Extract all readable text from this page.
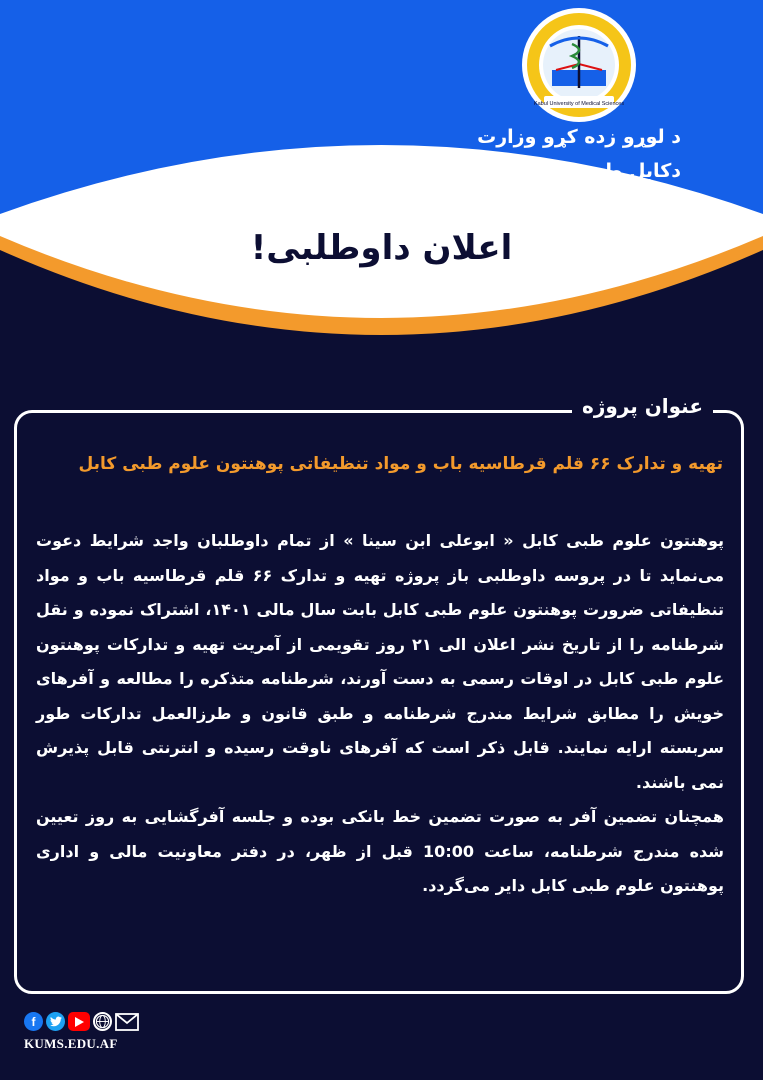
Kabul University of Medical Sciences
د لوړو زده کړو وزارت
دکابل طبي علومو پوهنتون
اعلان داوطلبی!
عنوان پروژه
تهیه و تدارک ۶۶ قلم قرطاسیه باب و مواد تنظیفاتی پوهنتون علوم طبی کابل

پوهنتون علوم طبی کابل « ابوعلی ابن سینا » از تمام داوطلبان واجد شرایط دعوت می‌نماید تا در پروسه داوطلبی باز پروژه تهیه و تدارک ۶۶ قلم قرطاسیه باب و مواد تنظیفاتی ضرورت پوهنتون علوم طبی کابل بابت سال مالی ۱۴۰۱، اشتراک نموده و نقل شرطنامه را از تاریخ نشر اعلان الی ۲۱ روز تقویمی از آمریت تهیه و تدارکات پوهنتون علوم طبی کابل در اوقات رسمی به دست آورند، شرطنامه متذکره را مطالعه و آفرهای خویش را مطابق شرایط مندرج شرطنامه و طبق قانون و طرزالعمل تدارکات طور سربسته ارایه نمایند. قابل ذکر است که آفرهای ناوقت رسیده و انترنتی قابل پذیرش نمی باشند.

همچنان تضمین آفر به صورت تضمین خط بانکی بوده و جلسه آفرگشایی به روز تعیین شده مندرج شرطنامه، ساعت 10:00 قبل از ظهر، در دفتر معاونیت مالی و اداری پوهنتون علوم طبی کابل دایر می‌گردد.

f
KUMS.EDU.AF
